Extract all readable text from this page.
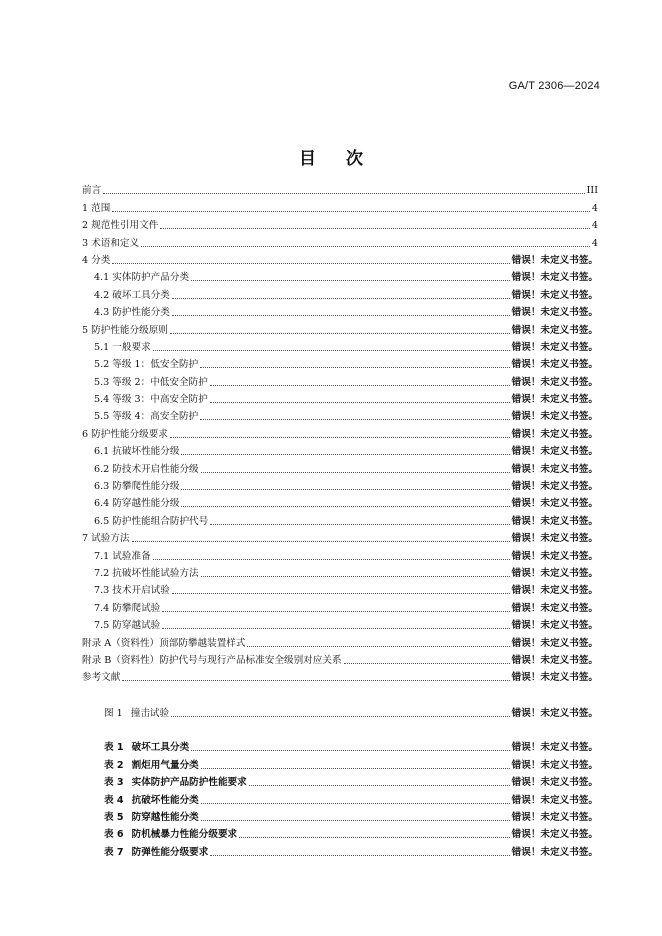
GA/T 2306—2024
目次
前言	III
1 范围	4
2 规范性引用文件	4
3 术语和定义	4
4 分类	错误！未定义书签。
4.1 实体防护产品分类	错误！未定义书签。
4.2 破坏工具分类	错误！未定义书签。
4.3 防护性能分类	错误！未定义书签。
5 防护性能分级原则	错误！未定义书签。
5.1 一般要求	错误！未定义书签。
5.2 等级 1：低安全防护	错误！未定义书签。
5.3 等级 2：中低安全防护	错误！未定义书签。
5.4 等级 3：中高安全防护	错误！未定义书签。
5.5 等级 4：高安全防护	错误！未定义书签。
6 防护性能分级要求	错误！未定义书签。
6.1 抗破坏性能分级	错误！未定义书签。
6.2 防技术开启性能分级	错误！未定义书签。
6.3 防攀爬性能分级	错误！未定义书签。
6.4 防穿越性能分级	错误！未定义书签。
6.5 防护性能组合防护代号	错误！未定义书签。
7 试验方法	错误！未定义书签。
7.1 试验准备	错误！未定义书签。
7.2 抗破坏性能试验方法	错误！未定义书签。
7.3 技术开启试验	错误！未定义书签。
7.4 防攀爬试验	错误！未定义书签。
7.5 防穿越试验	错误！未定义书签。
附录 A（资料性）顶部防攀越装置样式	错误！未定义书签。
附录 B（资料性）防护代号与现行产品标准安全级别对应关系	错误！未定义书签。
参考文献	错误！未定义书签。
图 1 撞击试验	错误！未定义书签。
表 1 破坏工具分类	错误！未定义书签。
表 2 割炬用气量分类	错误！未定义书签。
表 3 实体防护产品防护性能要求	错误！未定义书签。
表 4 抗破坏性能分类	错误！未定义书签。
表 5 防穿越性能分类	错误！未定义书签。
表 6 防机械暴力性能分级要求	错误！未定义书签。
表 7 防弹性能分级要求	错误！未定义书签。
